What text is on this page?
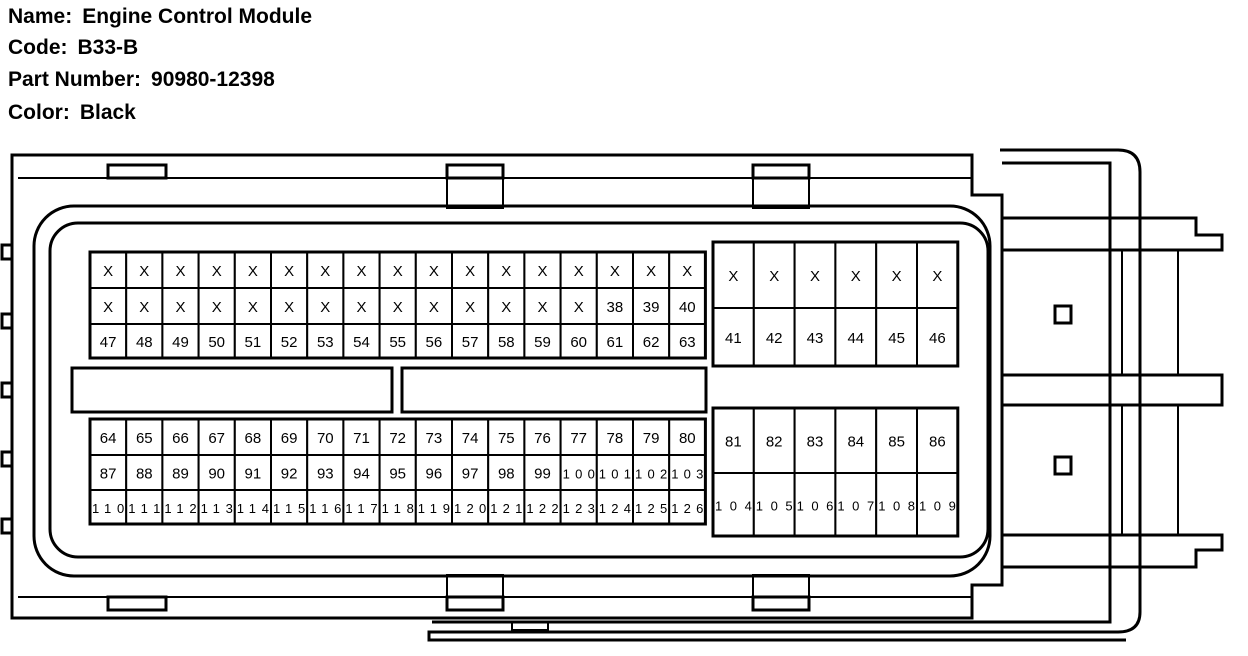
Name: Engine Control Module
Code: B33-B
Part Number: 90980-12398
Color: Black
X X X X X X X X X X X X X X X X X
X X X X X X X X X X X X X X 38 39 40
47 48 49 50 51 52 53 54 55 56 57 58 59 60 61 62 63
X X X X X X
41 42 43 44 45 46
64 65 66 67 68 69 70 71 72 73 74 75 76 77 78 79 80
87 88 89 90 91 92 93 94 95 96 97 98 99 100 101 102 103
110 111 112 113 114 115 116 117 118 119 120 121 122 123 124 125 126
81 82 83 84 85 86
104 105 106 107 108 109
